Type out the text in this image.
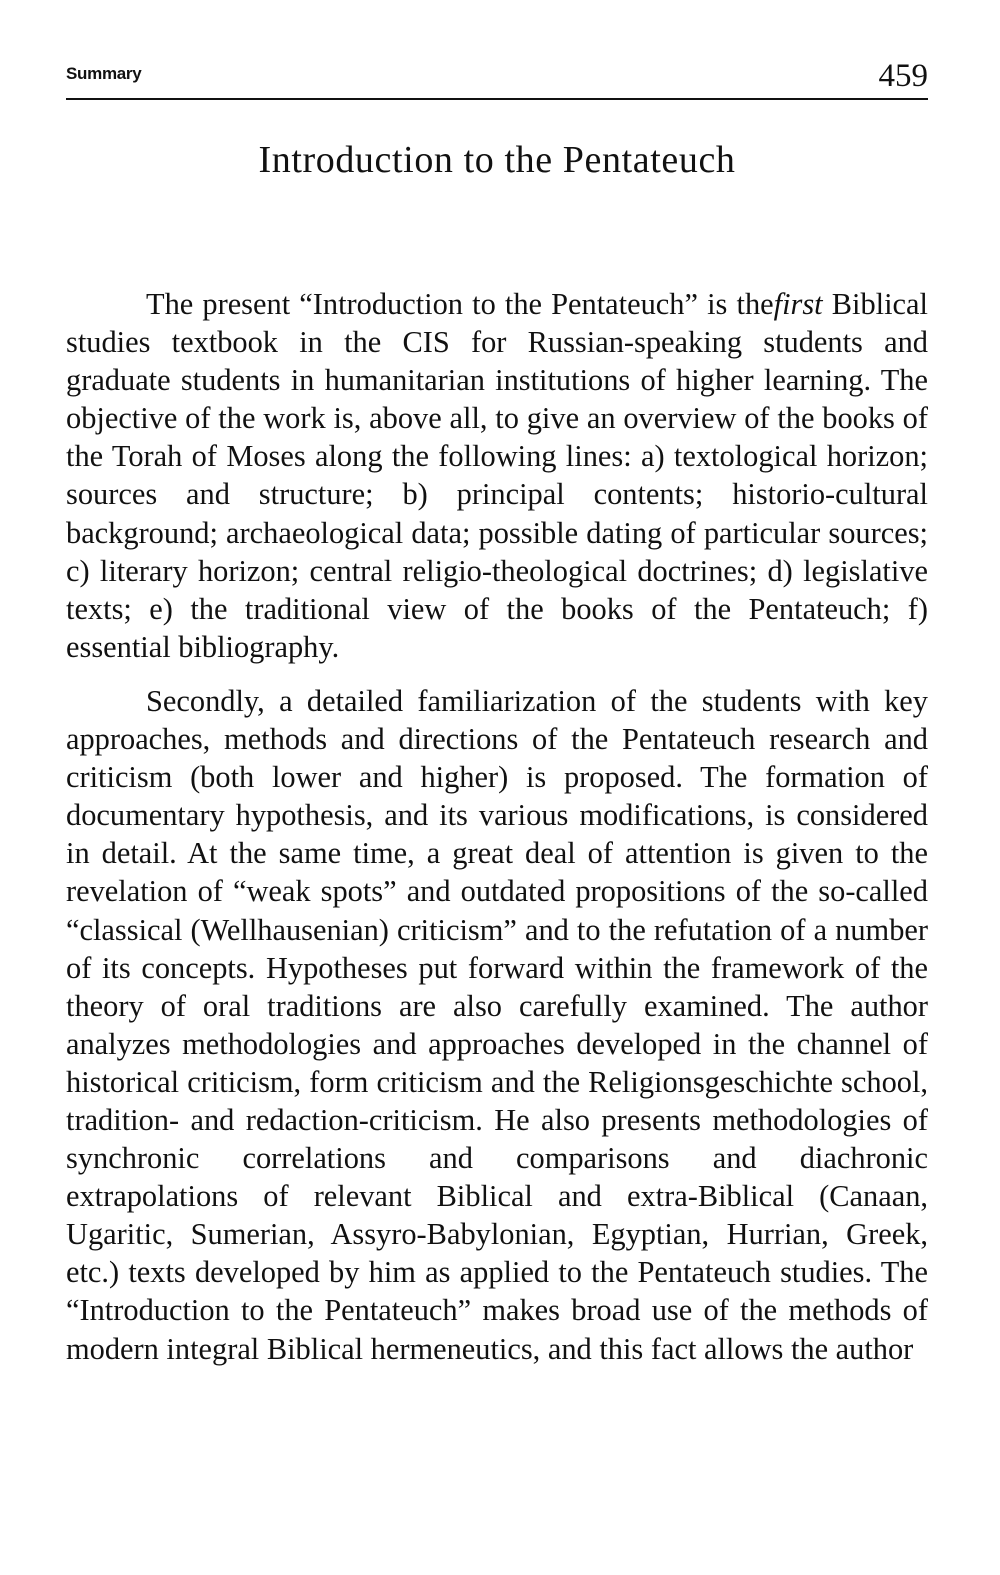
Summary	459
Introduction to the Pentateuch

The present “Introduction to the Pentateuch” is thefirst Biblical studies textbook in the CIS for Russian-speaking students and graduate students in humanitarian institutions of higher learning. The objective of the work is, above all, to give an overview of the books of the Torah of Moses along the following lines: a) textological horizon; sources and structure; b) principal contents; historio-cultural background; archaeological data; possible dating of particular sources; c) literary horizon; central religio-theological doctrines; d) legislative texts; e) the traditional view of the books of the Pentateuch; f) essential bibliography.

Secondly, a detailed familiarization of the students with key approaches, methods and directions of the Pentateuch research and criticism (both lower and higher) is proposed. The formation of documentary hypothesis, and its various modifications, is considered in detail. At the same time, a great deal of attention is given to the revelation of “weak spots” and outdated propositions of the so-called “classical (Wellhausenian) criticism” and to the refutation of a number of its concepts. Hypotheses put forward within the framework of the theory of oral traditions are also carefully examined. The author analyzes methodologies and approaches developed in the channel of historical criticism, form criticism and the Religionsgeschichte school, tradition- and redaction-criticism. He also presents methodologies of synchronic correlations and comparisons and diachronic extrapolations of relevant Biblical and extra-Biblical (Canaan, Ugaritic, Sumerian, Assyro-Babylonian, Egyptian, Hurrian, Greek, etc.) texts developed by him as applied to the Pentateuch studies. The “Introduction to the Pentateuch” makes broad use of the methods of modern integral Biblical hermeneutics, and this fact allows the author
